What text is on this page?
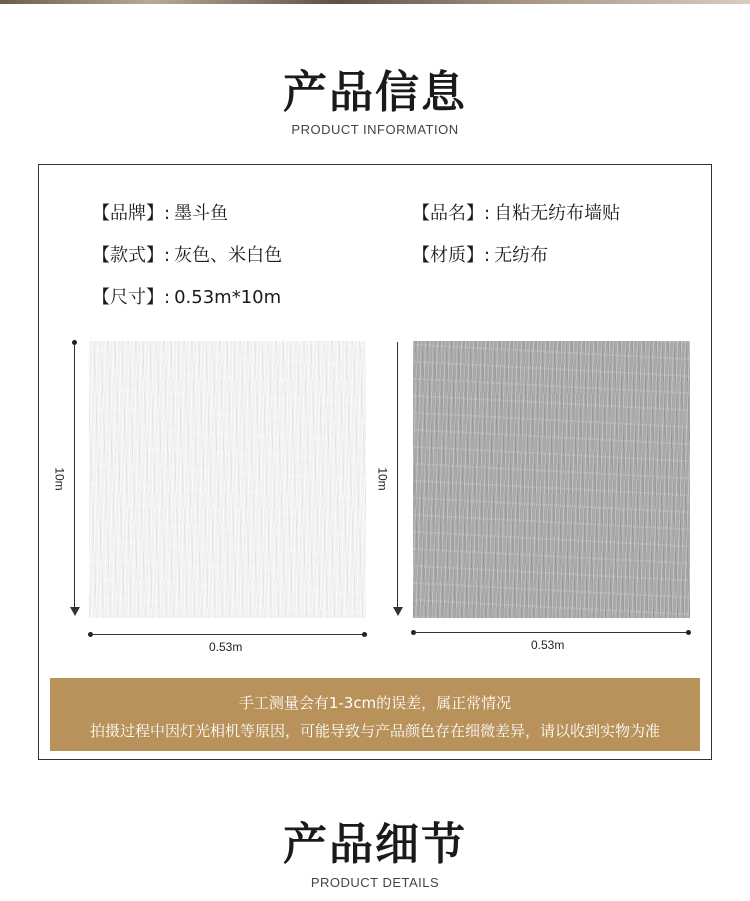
产品信息
PRODUCT INFORMATION
【品牌】: 墨斗鱼	【品名】: 自粘无纺布墙贴
【款式】: 灰色、米白色	【材质】: 无纺布
【尺寸】: 0.53m*10m
10m
0.53m
10m
0.53m
手工测量会有1-3cm的误差，属正常情况
拍摄过程中因灯光相机等原因，可能导致与产品颜色存在细微差异，请以收到实物为准
产品细节
PRODUCT DETAILS
